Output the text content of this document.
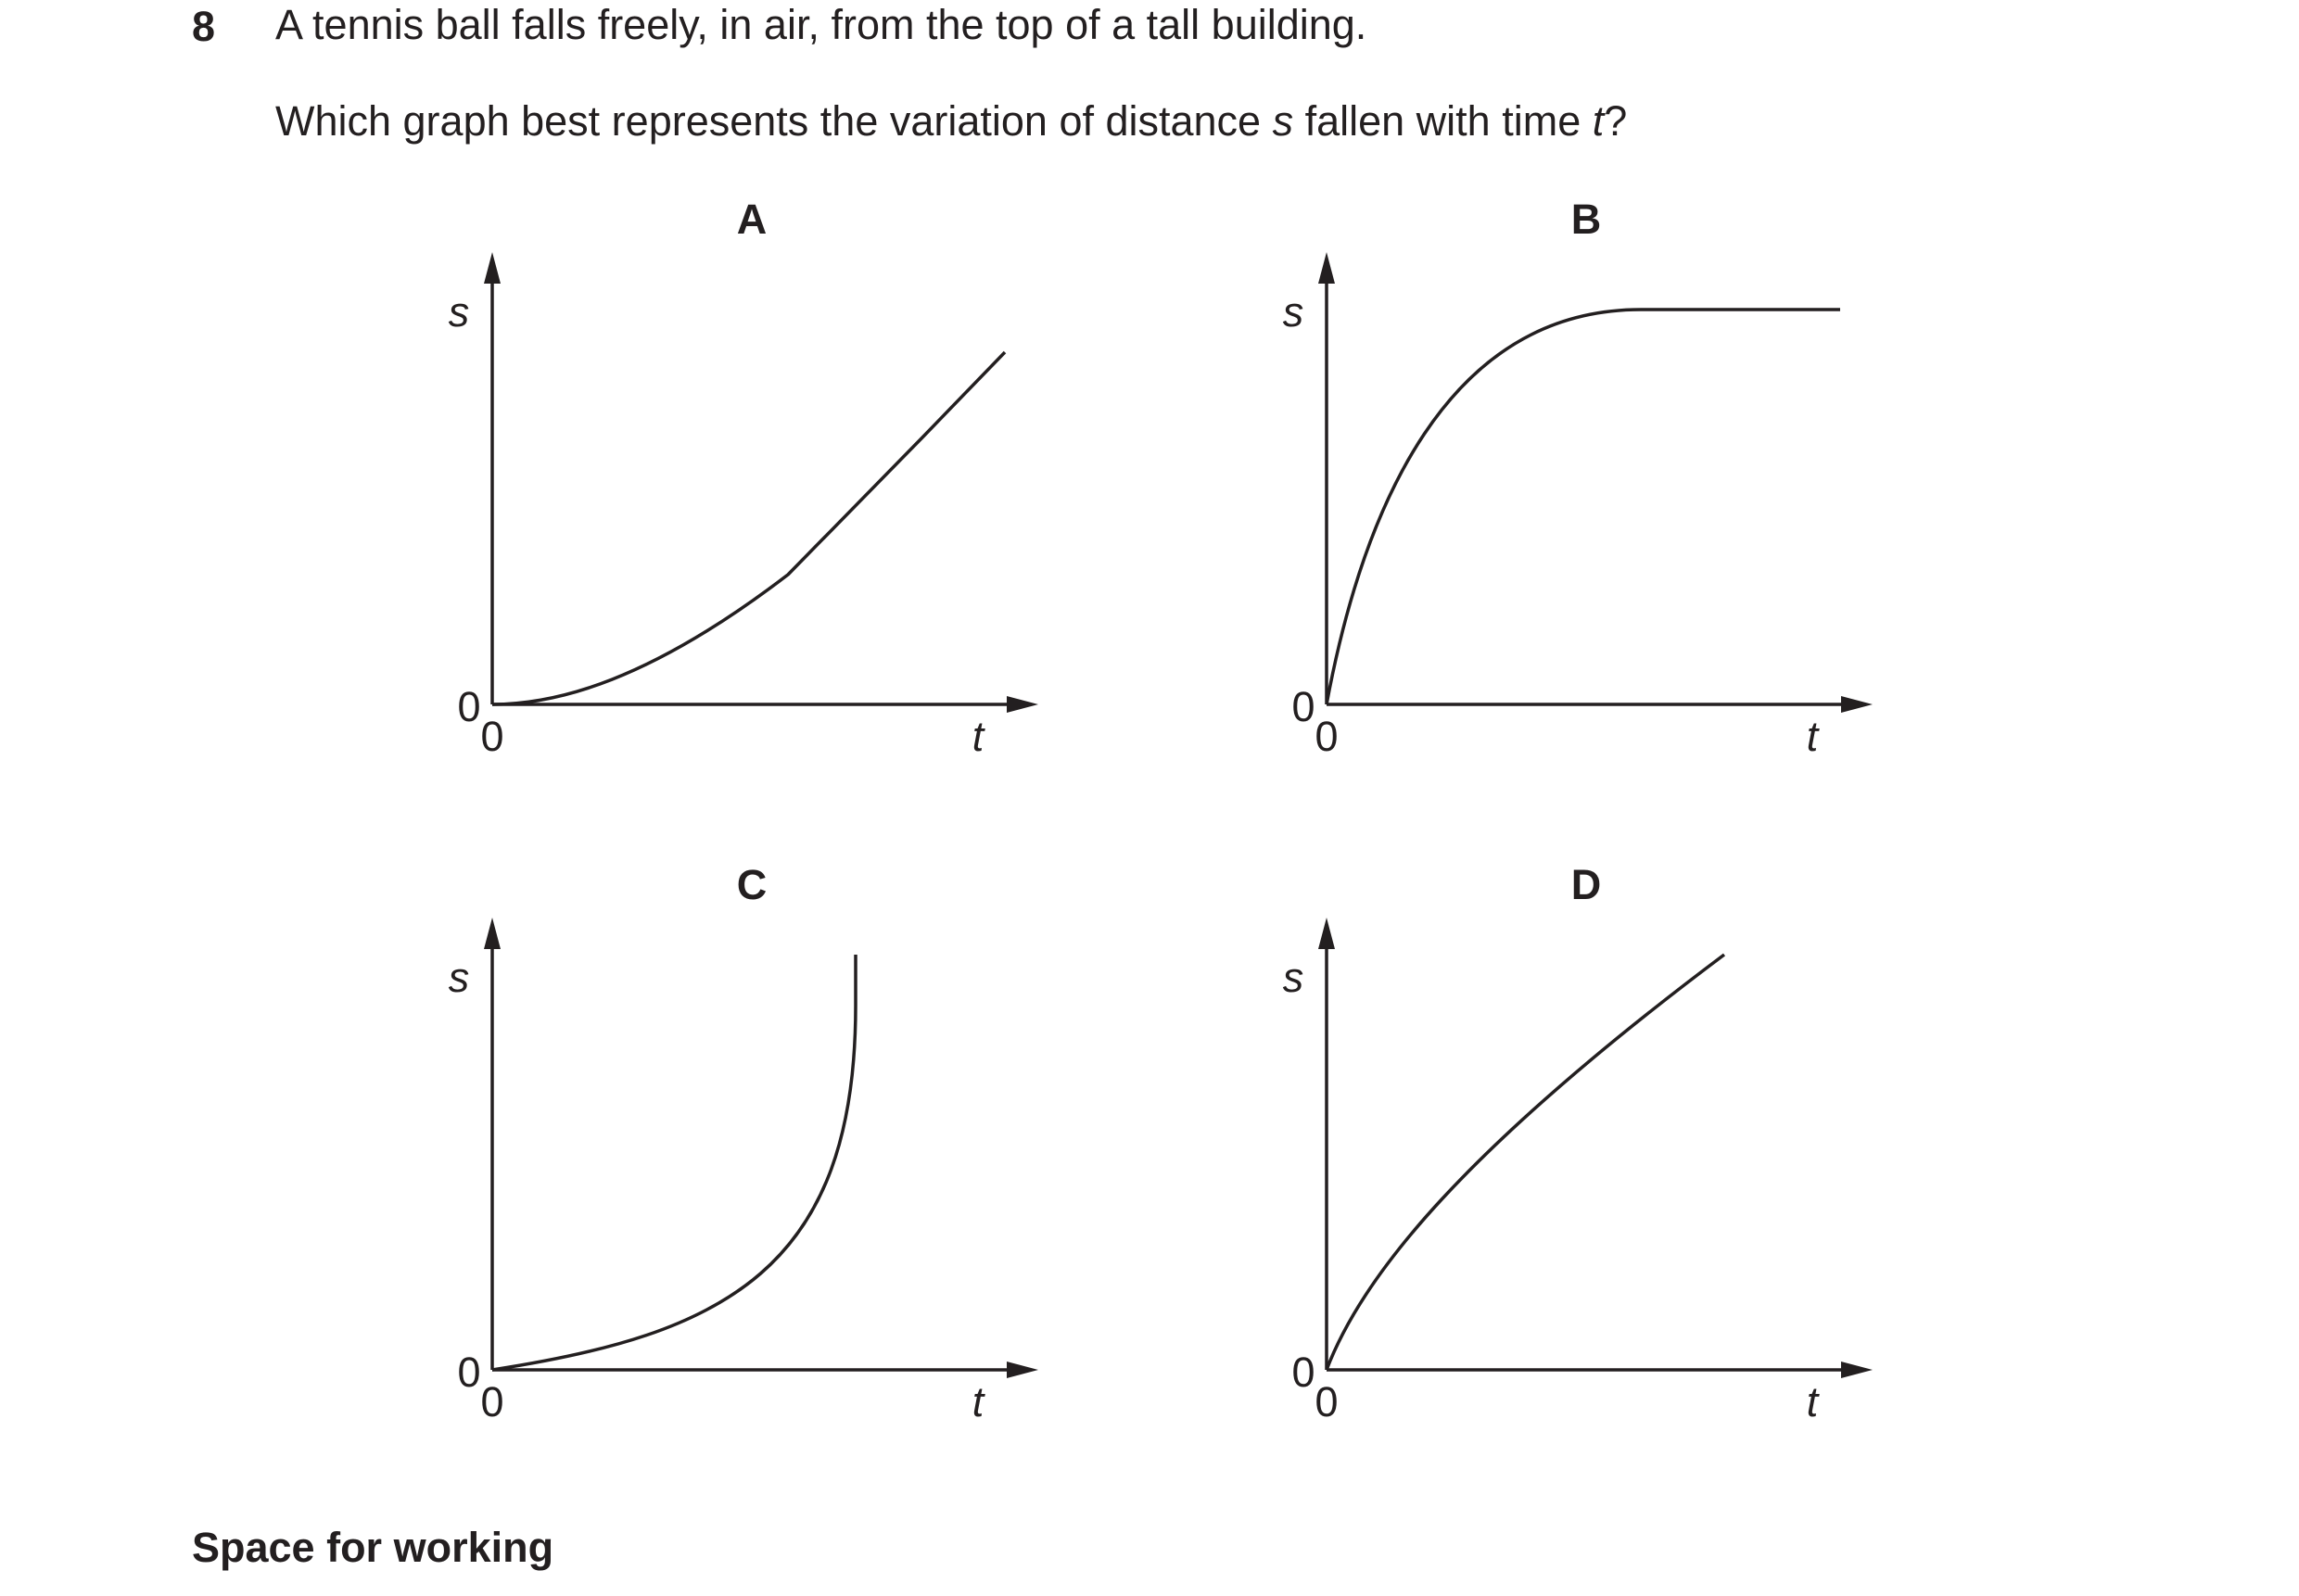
8 A tennis ball falls freely, in air, from the top of a tall building.
Which graph best represents the variation of distance s fallen with time t?
A
s
t
0
0
B
s
t
0
0
C
s
t
0
0
D
s
t
0
0
Space for working
